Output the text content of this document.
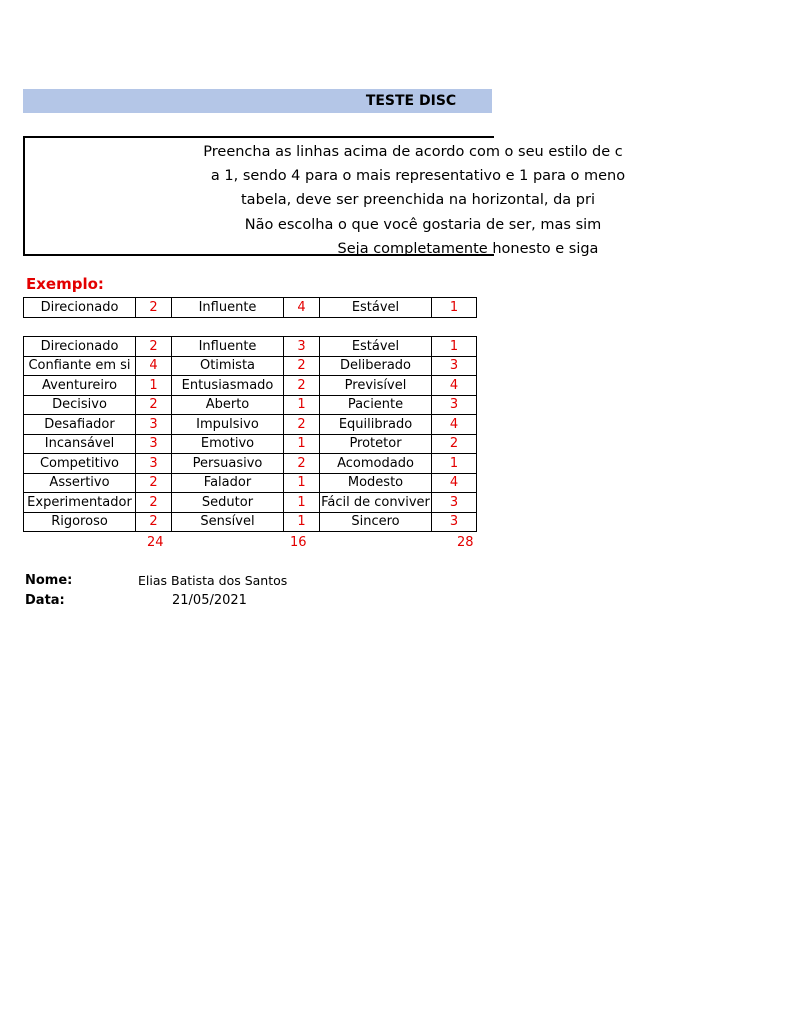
TESTE DISC
Preencha as linhas acima de acordo com o seu estilo de c
a 1, sendo 4 para o mais representativo e 1 para o meno
tabela, deve ser preenchida na horizontal, da pri
Não escolha o que você gostaria de ser, mas sim
Seja completamente honesto e siga
Exemplo:
Direcionado	2	Influente	4	Estável	1
Direcionado	2	Influente	3	Estável	1
Confiante em si	4	Otimista	2	Deliberado	3
Aventureiro	1	Entusiasmado	2	Previsível	4
Decisivo	2	Aberto	1	Paciente	3
Desafiador	3	Impulsivo	2	Equilibrado	4
Incansável	3	Emotivo	1	Protetor	2
Competitivo	3	Persuasivo	2	Acomodado	1
Assertivo	2	Falador	1	Modesto	4
Experimentador	2	Sedutor	1	Fácil de conviver	3
Rigoroso	2	Sensível	1	Sincero	3
24	16	28
Nome:	Elias Batista dos Santos
Data:	21/05/2021
